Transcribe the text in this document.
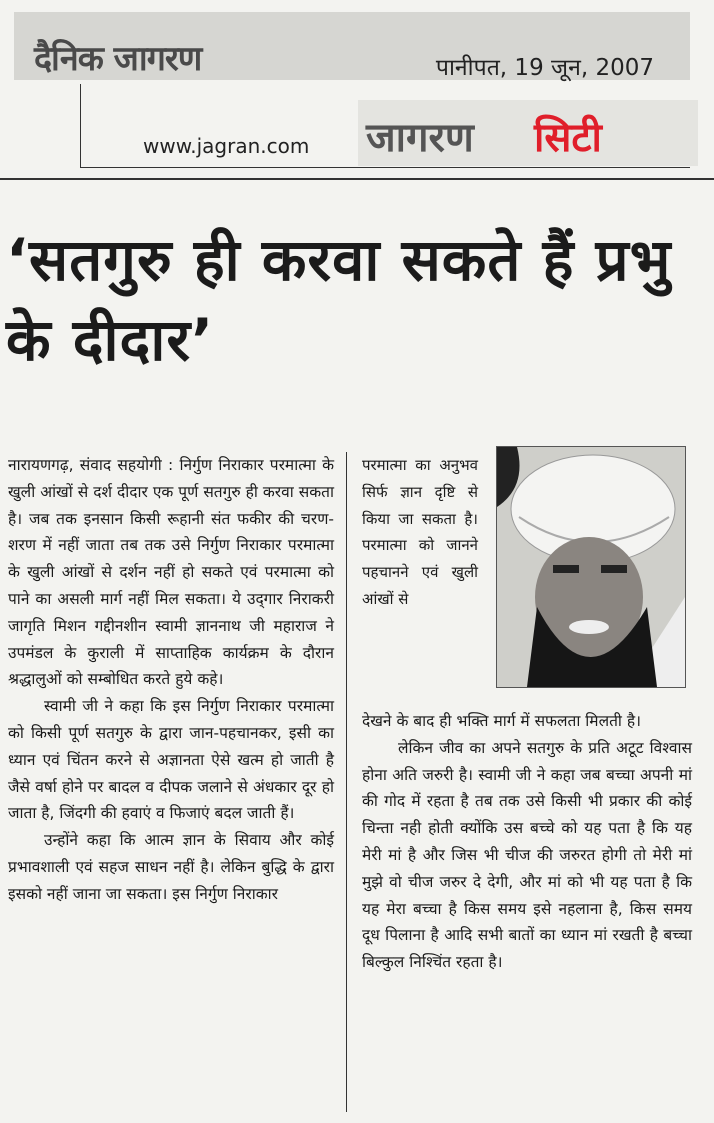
दैनिक जागरण	पानीपत, 19 जून, 2007
www.jagran.com जागरण सिटी
‘सतगुरु ही करवा सकते हैं प्रभु के दीदार’

नारायणगढ़, संवाद सहयोगी : निर्गुण निराकार परमात्मा के खुली आंखों से दर्श दीदार एक पूर्ण सतगुरु ही करवा सकता है। जब तक इनसान किसी रूहानी संत फकीर की चरण-शरण में नहीं जाता तब तक उसे निर्गुण निराकार परमात्मा के खुली आंखों से दर्शन नहीं हो सकते एवं परमात्मा को पाने का असली मार्ग नहीं मिल सकता। ये उद्‌गार निराकरी जागृति मिशन गद्दीनशीन स्वामी ज्ञाननाथ जी महाराज ने उपमंडल के कुराली में साप्ताहिक कार्यक्रम के दौरान श्रद्धालुओं को सम्बोधित करते हुये कहे।

स्वामी जी ने कहा कि इस निर्गुण निराकार परमात्मा को किसी पूर्ण सतगुरु के द्वारा जान-पहचानकर, इसी का ध्यान एवं चिंतन करने से अज्ञानता ऐसे खत्म हो जाती है जैसे वर्षा होने पर बादल व दीपक जलाने से अंधकार दूर हो जाता है, जिंदगी की हवाएं व फिजाएं बदल जाती हैं।

उन्होंने कहा कि आत्म ज्ञान के सिवाय और कोई प्रभावशाली एवं सहज साधन नहीं है। लेकिन बुद्धि के द्वारा इसको नहीं जाना जा सकता। इस निर्गुण निराकार

परमात्मा का अनुभव सिर्फ ज्ञान दृष्टि से किया जा सकता है। परमात्मा को जानने पहचानने एवं खुली आंखों से

देखने के बाद ही भक्ति मार्ग में सफलता मिलती है।

लेकिन जीव का अपने सतगुरु के प्रति अटूट विश्वास होना अति जरुरी है। स्वामी जी ने कहा जब बच्चा अपनी मां की गोद में रहता है तब तक उसे किसी भी प्रकार की कोई चिन्ता नही होती क्योंकि उस बच्चे को यह पता है कि यह मेरी मां है और जिस भी चीज की जरुरत होगी तो मेरी मां मुझे वो चीज जरुर दे देगी, और मां को भी यह पता है कि यह मेरा बच्चा है किस समय इसे नहलाना है, किस समय दूध पिलाना है आदि सभी बातों का ध्यान मां रखती है बच्चा बिल्कुल निश्चिंत रहता है।
